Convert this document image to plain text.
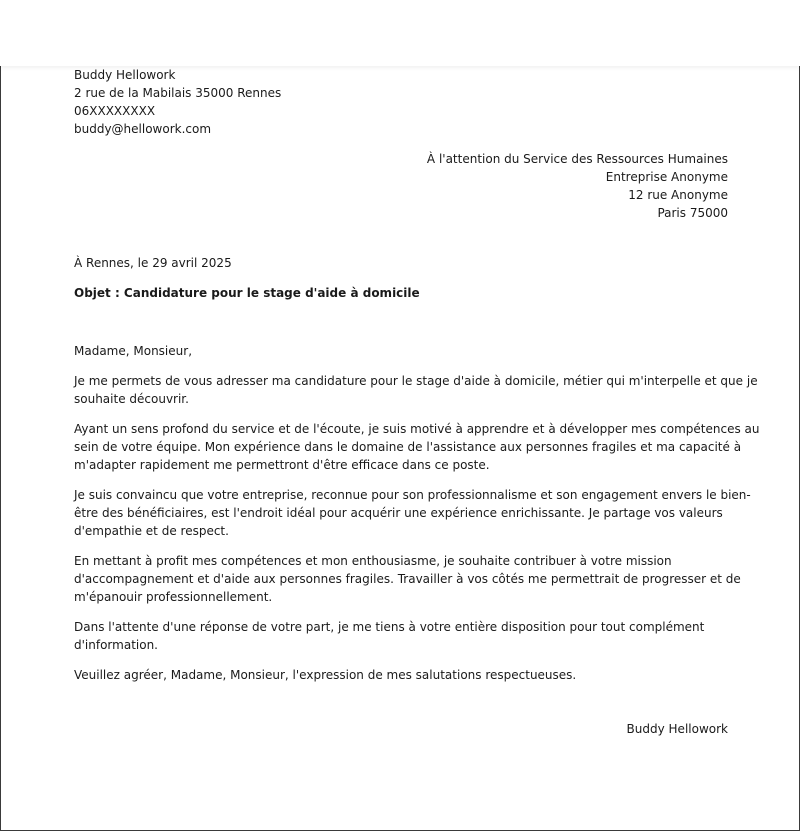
Buddy Hellowork
2 rue de la Mabilais 35000 Rennes
06XXXXXXXX
buddy@hellowork.com
À l'attention du Service des Ressources Humaines
Entreprise Anonyme
12 rue Anonyme
Paris 75000
À Rennes, le 29 avril 2025
Objet : Candidature pour le stage d'aide à domicile
Madame, Monsieur,
Je me permets de vous adresser ma candidature pour le stage d'aide à domicile, métier qui m'interpelle et que je
souhaite découvrir.
Ayant un sens profond du service et de l'écoute, je suis motivé à apprendre et à développer mes compétences au
sein de votre équipe. Mon expérience dans le domaine de l'assistance aux personnes fragiles et ma capacité à
m'adapter rapidement me permettront d'être efficace dans ce poste.
Je suis convaincu que votre entreprise, reconnue pour son professionnalisme et son engagement envers le bien-
être des bénéficiaires, est l'endroit idéal pour acquérir une expérience enrichissante. Je partage vos valeurs
d'empathie et de respect.
En mettant à profit mes compétences et mon enthousiasme, je souhaite contribuer à votre mission
d'accompagnement et d'aide aux personnes fragiles. Travailler à vos côtés me permettrait de progresser et de
m'épanouir professionnellement.
Dans l'attente d'une réponse de votre part, je me tiens à votre entière disposition pour tout complément
d'information.
Veuillez agréer, Madame, Monsieur, l'expression de mes salutations respectueuses.
Buddy Hellowork
